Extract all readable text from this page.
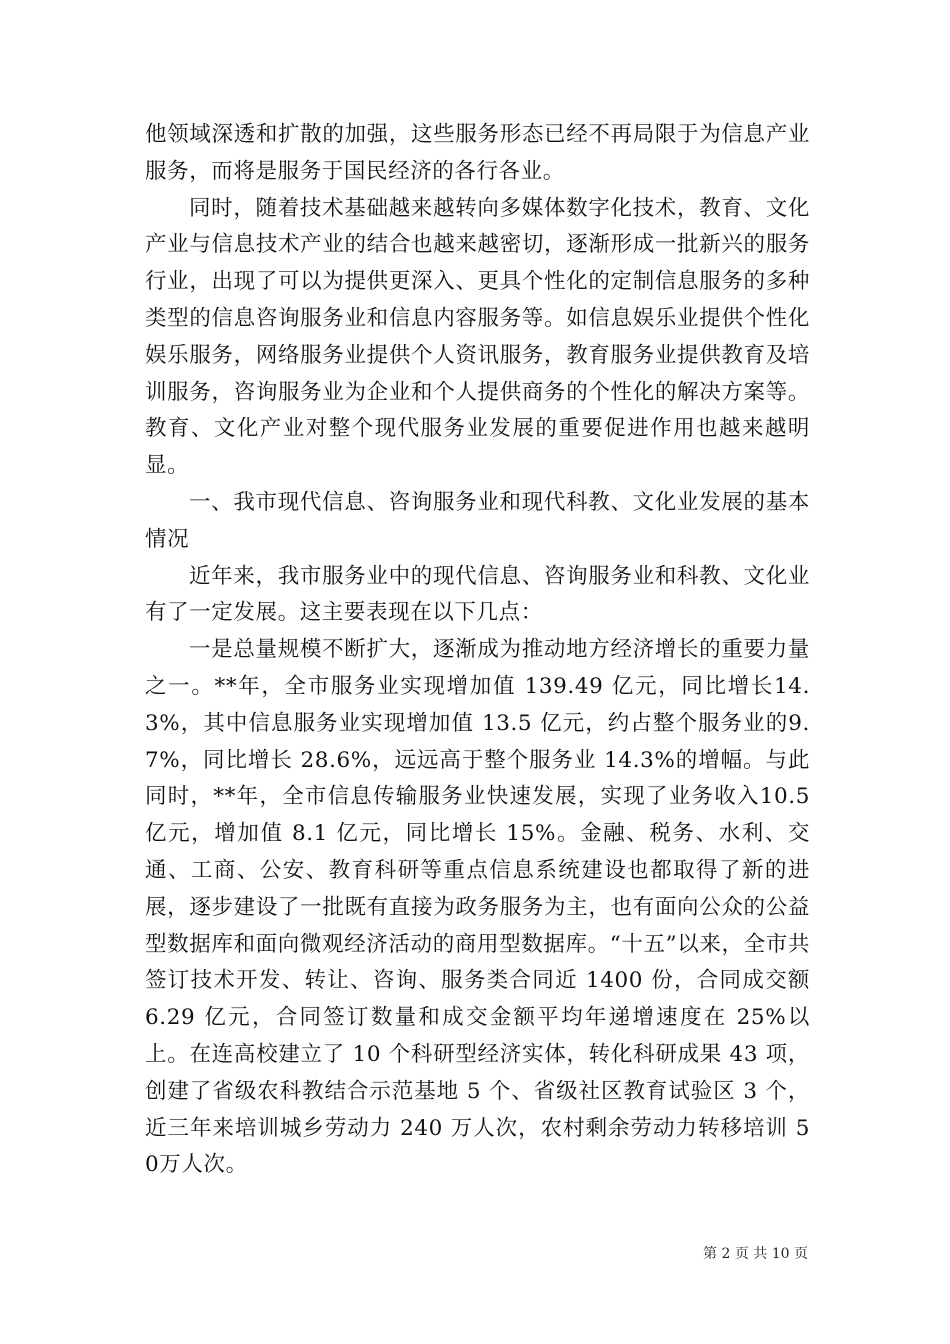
他领域深透和扩散的加强，这些服务形态已经不再局限于为信息产业服务，而将是服务于国民经济的各行各业。

同时，随着技术基础越来越转向多媒体数字化技术，教育、文化产业与信息技术产业的结合也越来越密切，逐渐形成一批新兴的服务行业，出现了可以为提供更深入、更具个性化的定制信息服务的多种类型的信息咨询服务业和信息内容服务等。如信息娱乐业提供个性化娱乐服务，网络服务业提供个人资讯服务，教育服务业提供教育及培训服务，咨询服务业为企业和个人提供商务的个性化的解决方案等。教育、文化产业对整个现代服务业发展的重要促进作用也越来越明显。

一、我市现代信息、咨询服务业和现代科教、文化业发展的基本情况

近年来，我市服务业中的现代信息、咨询服务业和科教、文化业有了一定发展。这主要表现在以下几点：

一是总量规模不断扩大，逐渐成为推动地方经济增长的重要力量之一。**年，全市服务业实现增加值 139.49 亿元，同比增长14.3%，其中信息服务业实现增加值 13.5 亿元，约占整个服务业的9.7%，同比增长 28.6%，远远高于整个服务业 14.3%的增幅。与此同时，**年，全市信息传输服务业快速发展，实现了业务收入10.5 亿元，增加值 8.1 亿元，同比增长 15%。金融、税务、水利、交通、工商、公安、教育科研等重点信息系统建设也都取得了新的进展，逐步建设了一批既有直接为政务服务为主，也有面向公众的公益型数据库和面向微观经济活动的商用型数据库。“十五”以来，全市共签订技术开发、转让、咨询、服务类合同近 1400 份，合同成交额6.29 亿元，合同签订数量和成交金额平均年递增速度在 25%以上。在连高校建立了 10 个科研型经济实体，转化科研成果 43 项，创建了省级农科教结合示范基地 5 个、省级社区教育试验区 3 个，近三年来培训城乡劳动力 240 万人次，农村剩余劳动力转移培训 50万人次。

第 2 页 共 10 页
